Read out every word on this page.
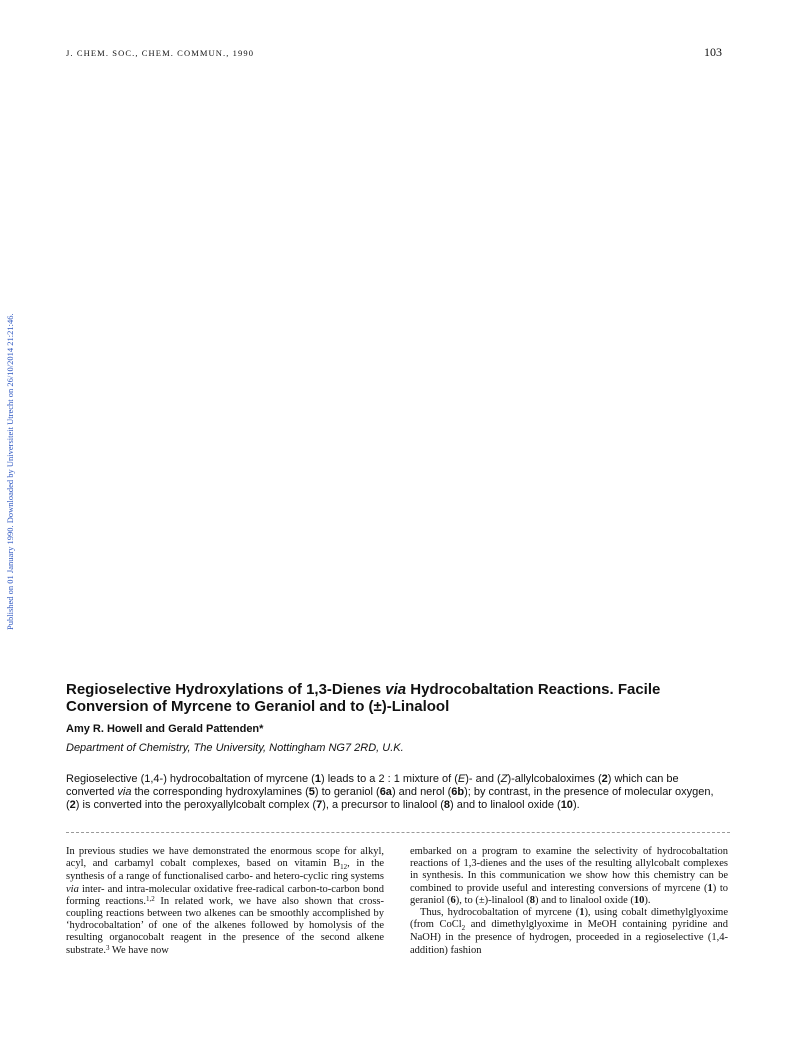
J. CHEM. SOC., CHEM. COMMUN., 1990	103
Published on 01 January 1990. Downloaded by Universiteit Utrecht on 26/10/2014 21:21:46.
Regioselective Hydroxylations of 1,3-Dienes via Hydrocobaltation Reactions. Facile Conversion of Myrcene to Geraniol and to (±)-Linalool
Amy R. Howell and Gerald Pattenden*
Department of Chemistry, The University, Nottingham NG7 2RD, U.K.

Regioselective (1,4-) hydrocobaltation of myrcene (1) leads to a 2 : 1 mixture of (E)- and (Z)-allylcobaloximes (2) which can be converted via the corresponding hydroxylamines (5) to geraniol (6a) and nerol (6b); by contrast, in the presence of molecular oxygen, (2) is converted into the peroxyallylcobalt complex (7), a precursor to linalool (8) and to linalool oxide (10).

In previous studies we have demonstrated the enormous scope for alkyl, acyl, and carbamyl cobalt complexes, based on vitamin $B_{12}$, in the synthesis of a range of functionalised carbo- and hetero-cyclic ring systems via inter- and intra-molecular oxidative free-radical carbon-to-carbon bond forming reactions.$^{1,2}$ In related work, we have also shown that cross-coupling reactions between two alkenes can be smoothly accomplished by ‘hydrocobaltation’ of one of the alkenes followed by homolysis of the resulting organocobalt reagent in the presence of the second alkene substrate.$^3$ We have now

embarked on a program to examine the selectivity of hydrocobaltation reactions of 1,3-dienes and the uses of the resulting allylcobalt complexes in synthesis. In this communication we show how this chemistry can be combined to provide useful and interesting conversions of myrcene (1) to geraniol (6), to (±)-linalool (8) and to linalool oxide (10).
Thus, hydrocobaltation of myrcene (1), using cobalt dimethylglyoxime (from CoCl$_2$ and dimethylglyoxime in MeOH containing pyridine and NaOH) in the presence of hydrogen, proceeded in a regioselective (1,4-addition) fashion
